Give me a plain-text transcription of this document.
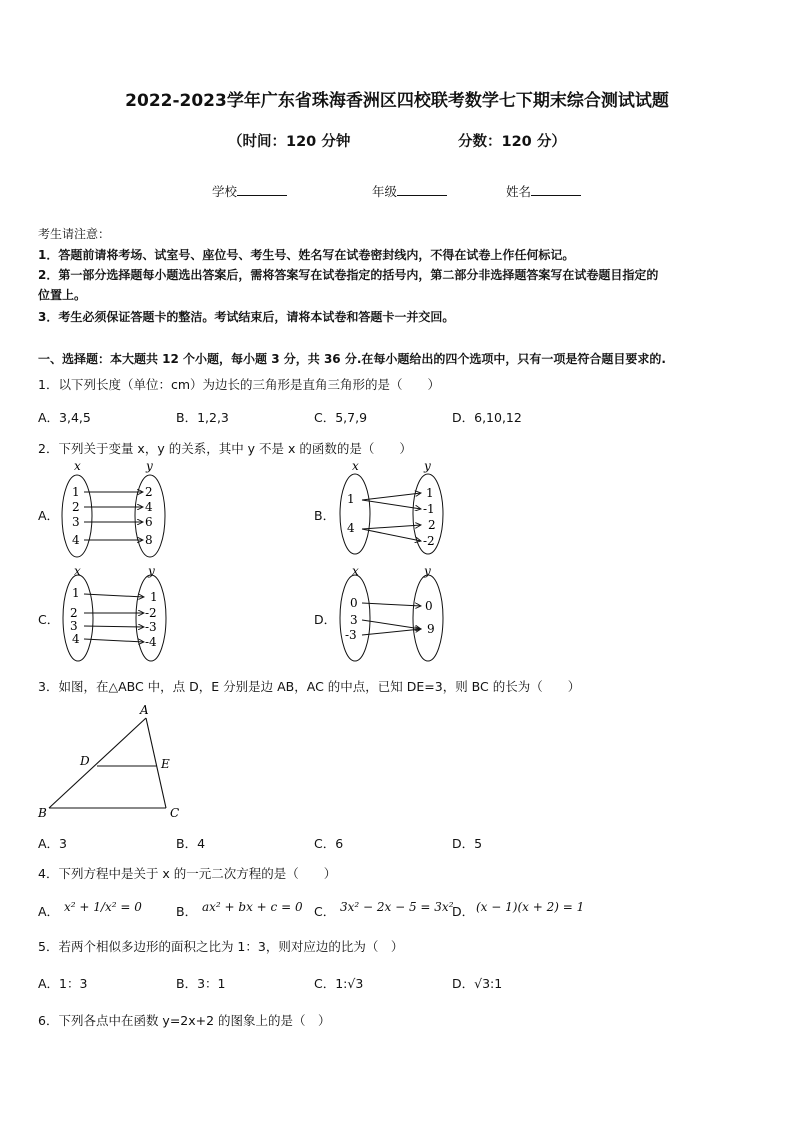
2022-2023学年广东省珠海香洲区四校联考数学七下期末综合测试试题
（时间：120 分钟	分数：120 分）
学校	年级	姓名
考生请注意：
1．答题前请将考场、试室号、座位号、考生号、姓名写在试卷密封线内，不得在试卷上作任何标记。
2．第一部分选择题每小题选出答案后，需将答案写在试卷指定的括号内，第二部分非选择题答案写在试卷题目指定的
位置上。
3．考生必须保证答题卡的整洁。考试结束后，请将本试卷和答题卡一并交回。
一、选择题：本大题共 12 个小题，每小题 3 分，共 36 分.在每小题给出的四个选项中，只有一项是符合题目要求的.
1．以下列长度（单位：cm）为边长的三角形是直角三角形的是（　　）
A．3,4,5	B．1,2,3	C．5,7,9	D．6,10,12
2．下列关于变量 x，y 的关系，其中 y 不是 x 的函数的是（　　）
A．	B．
C．	D．
x	y
1
2
3
4
2
4
6
8
x	y
1
4
1
-1
2
-2
x	y
1
2
3
4
1
-2
-3
-4
x	y
0
3
-3
0
9
A
B	C
D	E
3．如图，在△ABC 中，点 D，E 分别是边 AB，AC 的中点，已知 DE=3，则 BC 的长为（　　）
A．3	B．4	C．6	D．5
4．下列方程中是关于 x 的一元二次方程的是（　　）
A． x² + 1/x² = 0	B． ax² + bx + c = 0 C． 3x² − 2x − 5 = 3x²
D． (x − 1)(x + 2) = 1
5．若两个相似多边形的面积之比为 1：3，则对应边的比为（　）
A．1：3	B．3：1	C．1:√3	D．√3:1
6．下列各点中在函数 y=2x+2 的图象上的是（　）
